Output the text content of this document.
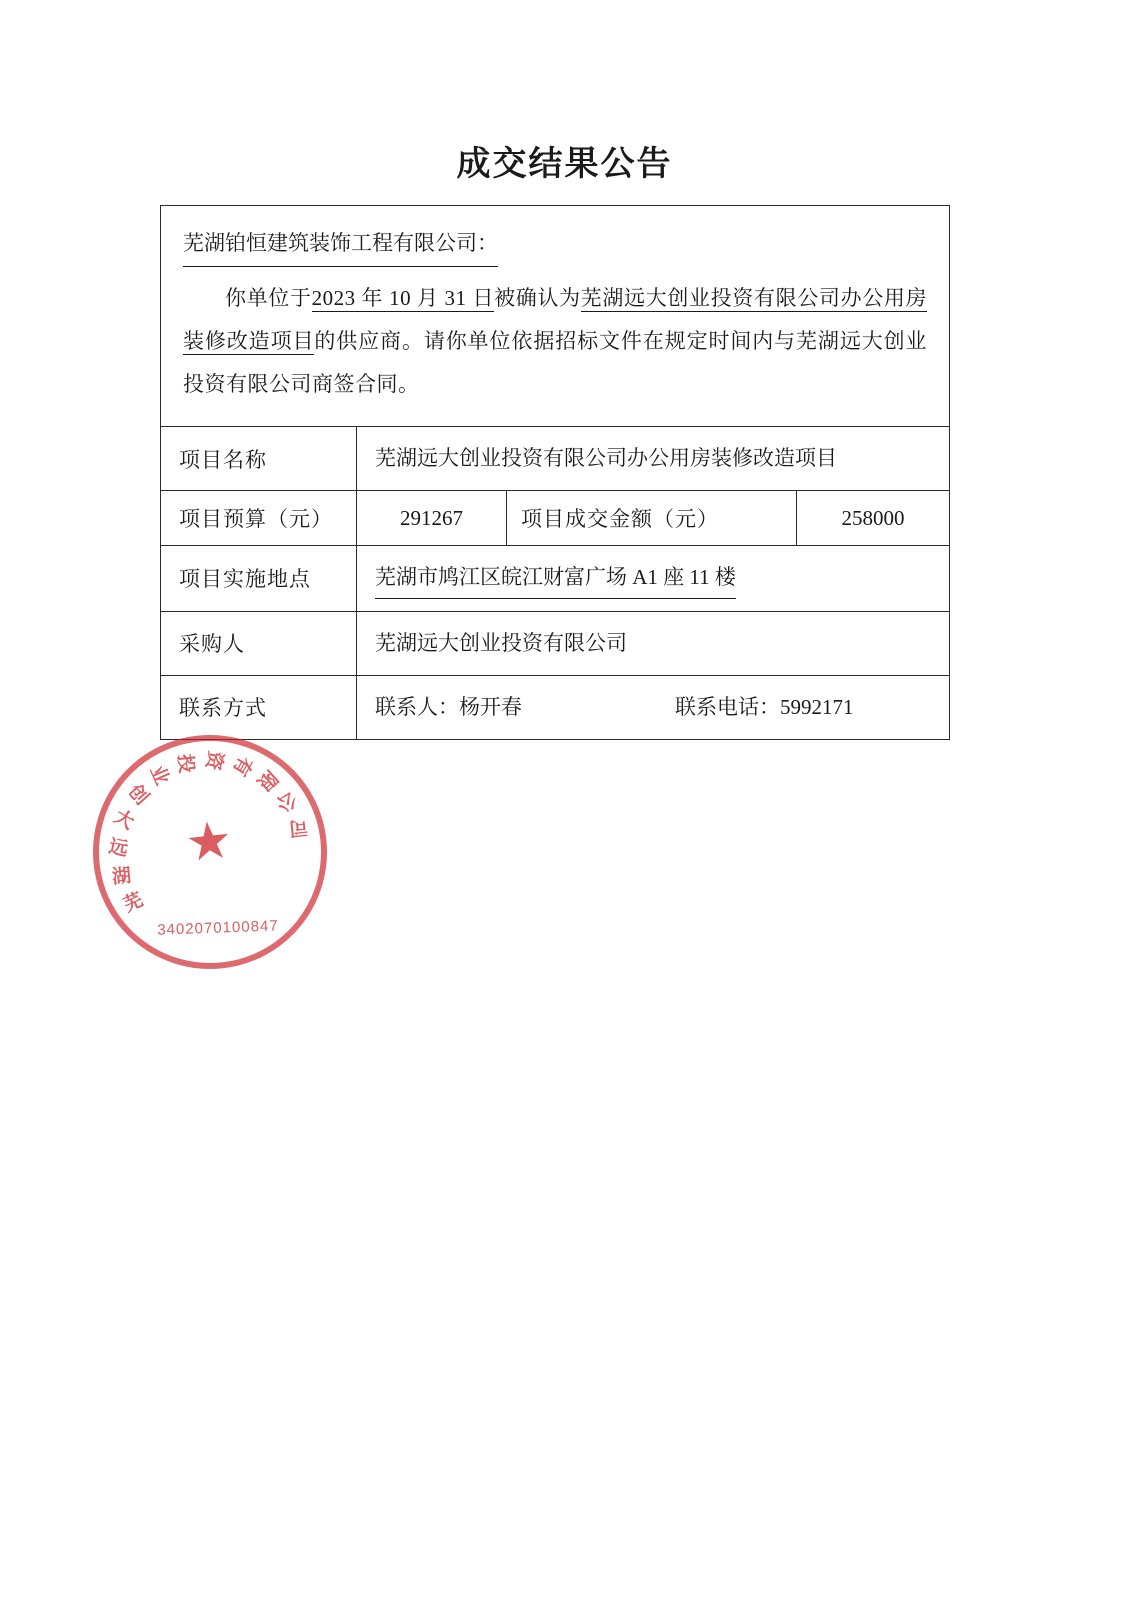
成交结果公告
芜湖铂恒建筑装饰工程有限公司：

你单位于2023 年 10 月 31 日被确认为芜湖远大创业投资有限公司办公用房装修改造项目的供应商。请你单位依据招标文件在规定时间内与芜湖远大创业投资有限公司商签合同。			

项目名称	芜湖远大创业投资有限公司办公用房装修改造项目		
项目预算（元）	291267	项目成交金额（元）	258000
项目实施地点	芜湖市鸠江区皖江财富广场 A1 座 11 楼		
采购人	芜湖远大创业投资有限公司		
联系方式	联系人：杨开春 联系电话：5992171		
芜
湖
远
大
创
业 投 资 有
限
公
司
★
3402070100847
